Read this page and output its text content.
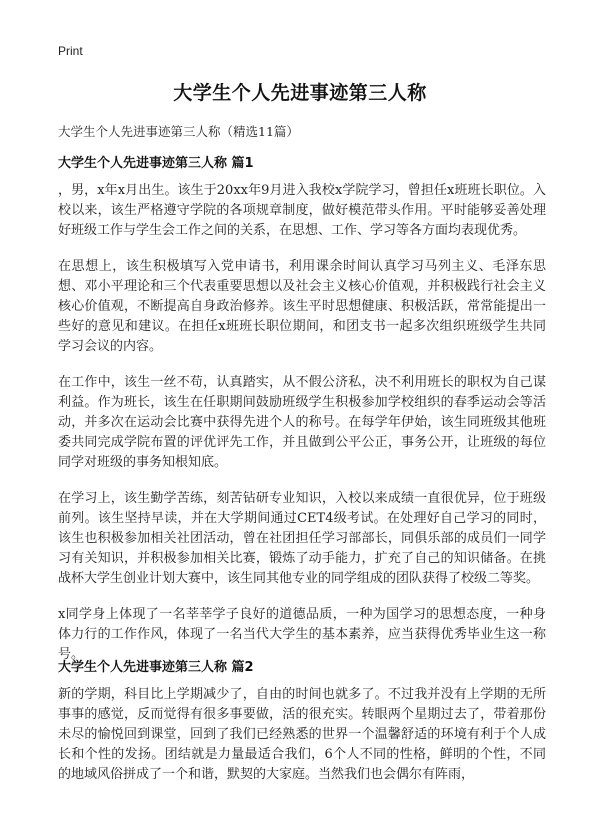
Print
大学生个人先进事迹第三人称
大学生个人先进事迹第三人称（精选11篇）
大学生个人先进事迹第三人称 篇1

，男，x年x月出生。该生于20xx年9月进入我校x学院学习，曾担任x班班长职位。入校以来，该生严格遵守学院的各项规章制度，做好模范带头作用。平时能够妥善处理好班级工作与学生会工作之间的关系，在思想、工作、学习等各方面均表现优秀。

在思想上，该生积极填写入党申请书，利用课余时间认真学习马列主义、毛泽东思想、邓小平理论和三个代表重要思想以及社会主义核心价值观，并积极践行社会主义核心价值观，不断提高自身政治修养。该生平时思想健康、积极活跃，常常能提出一些好的意见和建议。在担任x班班长职位期间，和团支书一起多次组织班级学生共同学习会议的内容。

在工作中，该生一丝不苟，认真踏实，从不假公济私，决不利用班长的职权为自己谋利益。作为班长，该生在任职期间鼓励班级学生积极参加学校组织的春季运动会等活动，并多次在运动会比赛中获得先进个人的称号。在每学年伊始，该生同班级其他班委共同完成学院布置的评优评先工作，并且做到公平公正，事务公开，让班级的每位同学对班级的事务知根知底。

在学习上，该生勤学苦练，刻苦钻研专业知识，入校以来成绩一直很优异，位于班级前列。该生坚持早读，并在大学期间通过CET4级考试。在处理好自己学习的同时，该生也积极参加相关社团活动，曾在社团担任学习部部长，同俱乐部的成员们一同学习有关知识，并积极参加相关比赛，锻炼了动手能力，扩充了自己的知识储备。在挑战杯大学生创业计划大赛中，该生同其他专业的同学组成的团队获得了校级二等奖。

x同学身上体现了一名莘莘学子良好的道德品质，一种为国学习的思想态度，一种身体力行的工作作风，体现了一名当代大学生的基本素养，应当获得优秀毕业生这一称号。

大学生个人先进事迹第三人称 篇2

新的学期，科目比上学期减少了，自由的时间也就多了。不过我并没有上学期的无所事事的感觉，反而觉得有很多事要做，活的很充实。转眼两个星期过去了，带着那份未尽的愉悦回到课堂，回到了我们已经熟悉的世界一个温馨舒适的环境有利于个人成长和个性的发扬。团结就是力量最适合我们，6个人不同的性格，鲜明的个性，不同的地域风俗拼成了一个和谐，默契的大家庭。当然我们也会偶尔有阵雨，
